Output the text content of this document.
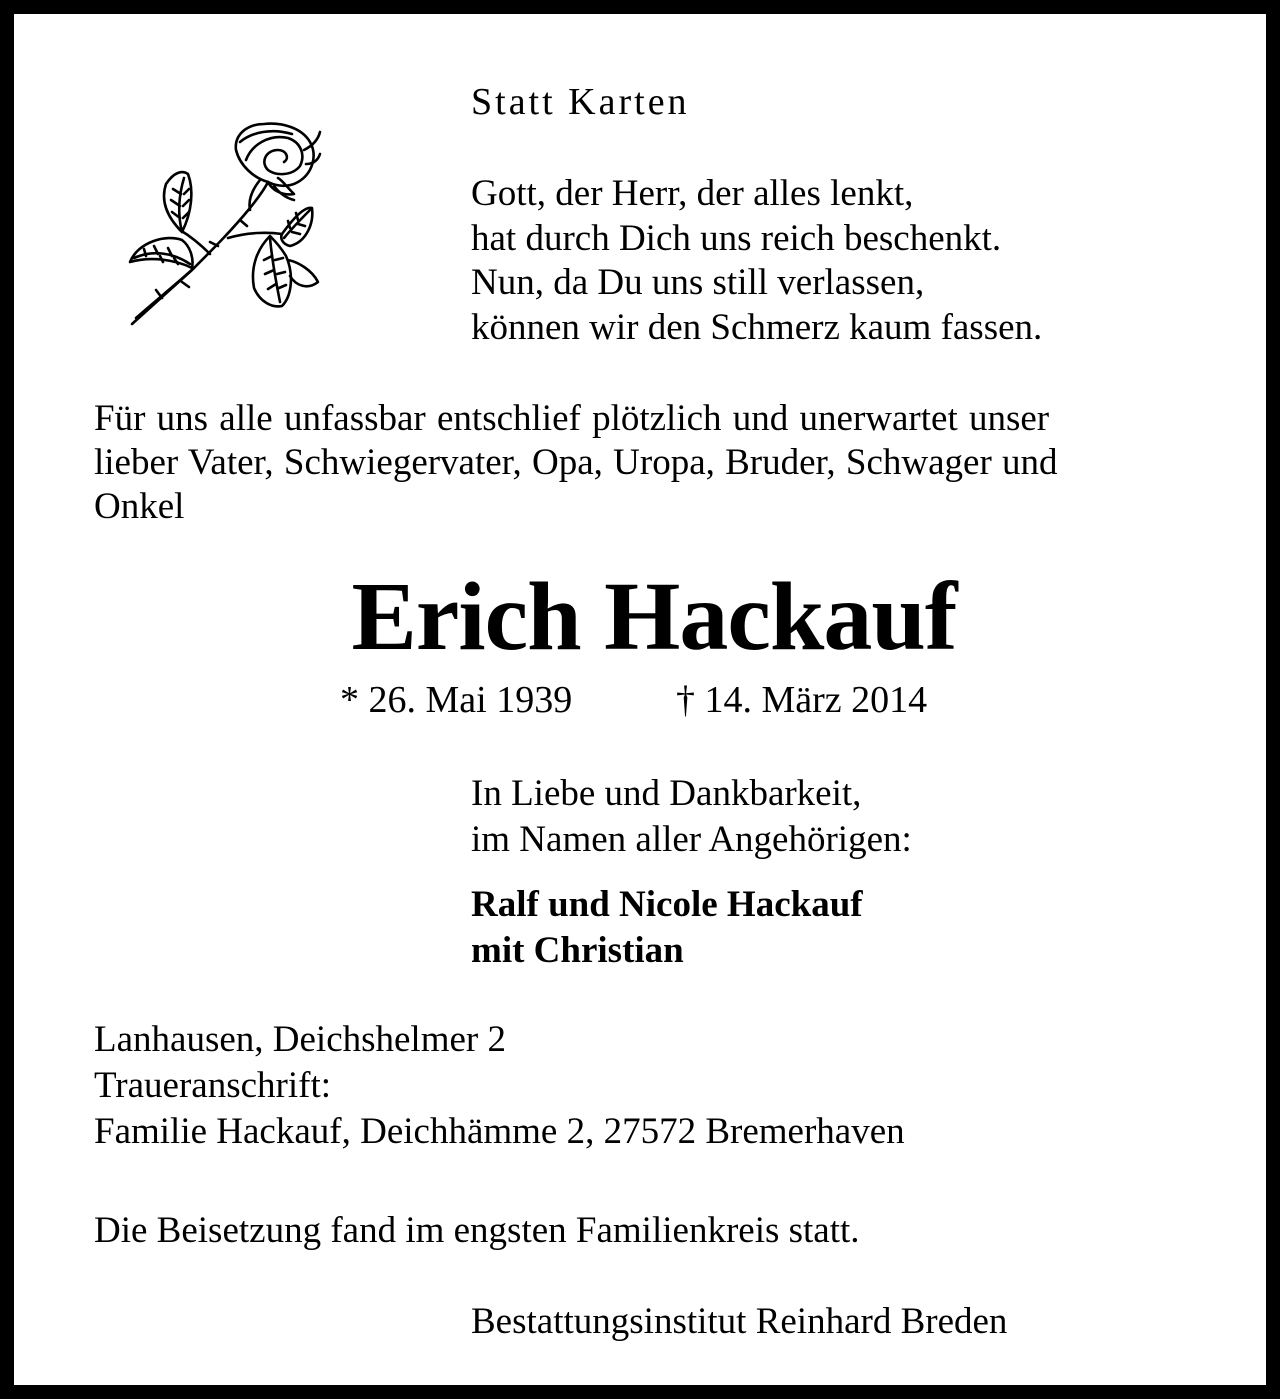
Statt Karten
Gott, der Herr, der alles lenkt,
hat durch Dich uns reich beschenkt.
Nun, da Du uns still verlassen,
können wir den Schmerz kaum fassen.
Für uns alle unfassbar entschlief plötzlich und unerwartet unser
lieber Vater, Schwiegervater, Opa, Uropa, Bruder, Schwager und
Onkel
Erich Hackauf
* 26. Mai 1939	† 14. März 2014
In Liebe und Dankbarkeit,
im Namen aller Angehörigen:
Ralf und Nicole Hackauf
mit Christian
Lanhausen, Deichshelmer 2
Traueranschrift:
Familie Hackauf, Deichhämme 2, 27572 Bremerhaven
Die Beisetzung fand im engsten Familienkreis statt.
Bestattungsinstitut Reinhard Breden
